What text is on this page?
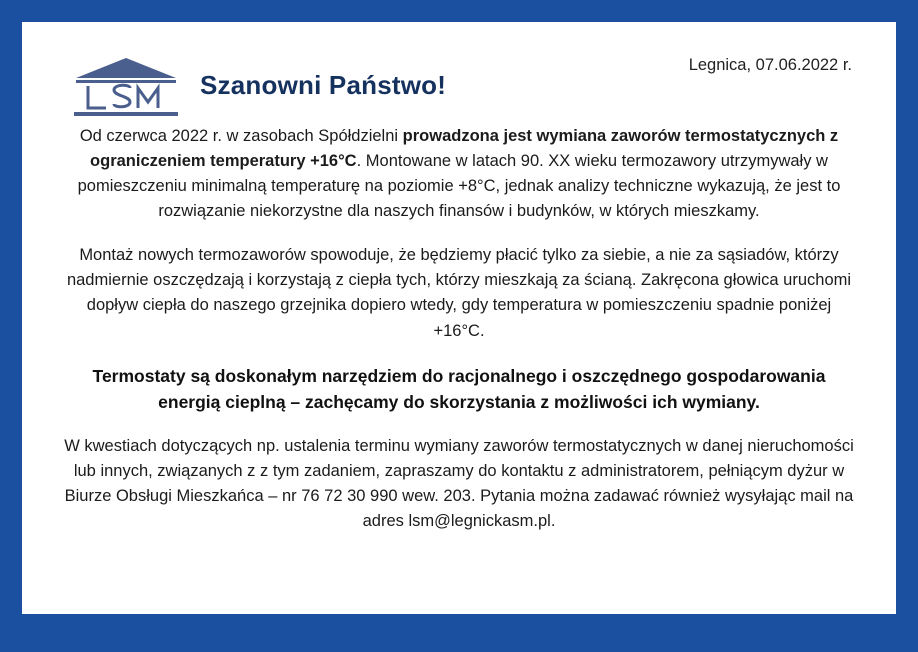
Szanowni Państwo!
Legnica, 07.06.2022 r.

Od czerwca 2022 r. w zasobach Spółdzielni prowadzona jest wymiana zaworów termostatycznych z ograniczeniem temperatury +16°C. Montowane w latach 90. XX wieku termozawory utrzymywały w pomieszczeniu minimalną temperaturę na poziomie +8°C, jednak analizy techniczne wykazują, że jest to rozwiązanie niekorzystne dla naszych finansów i budynków, w których mieszkamy.

Montaż nowych termozaworów spowoduje, że będziemy płacić tylko za siebie, a nie za sąsiadów, którzy nadmiernie oszczędzają i korzystają z ciepła tych, którzy mieszkają za ścianą. Zakręcona głowica uruchomi dopływ ciepła do naszego grzejnika dopiero wtedy, gdy temperatura w pomieszczeniu spadnie poniżej +16°C.

Termostaty są doskonałym narzędziem do racjonalnego i oszczędnego gospodarowania energią cieplną – zachęcamy do skorzystania z możliwości ich wymiany.

W kwestiach dotyczących np. ustalenia terminu wymiany zaworów termostatycznych w danej nieruchomości lub innych, związanych z z tym zadaniem, zapraszamy do kontaktu z administratorem, pełniącym dyżur w Biurze Obsługi Mieszkańca – nr 76 72 30 990 wew. 203. Pytania można zadawać również wysyłając mail na adres lsm@legnickasm.pl.
